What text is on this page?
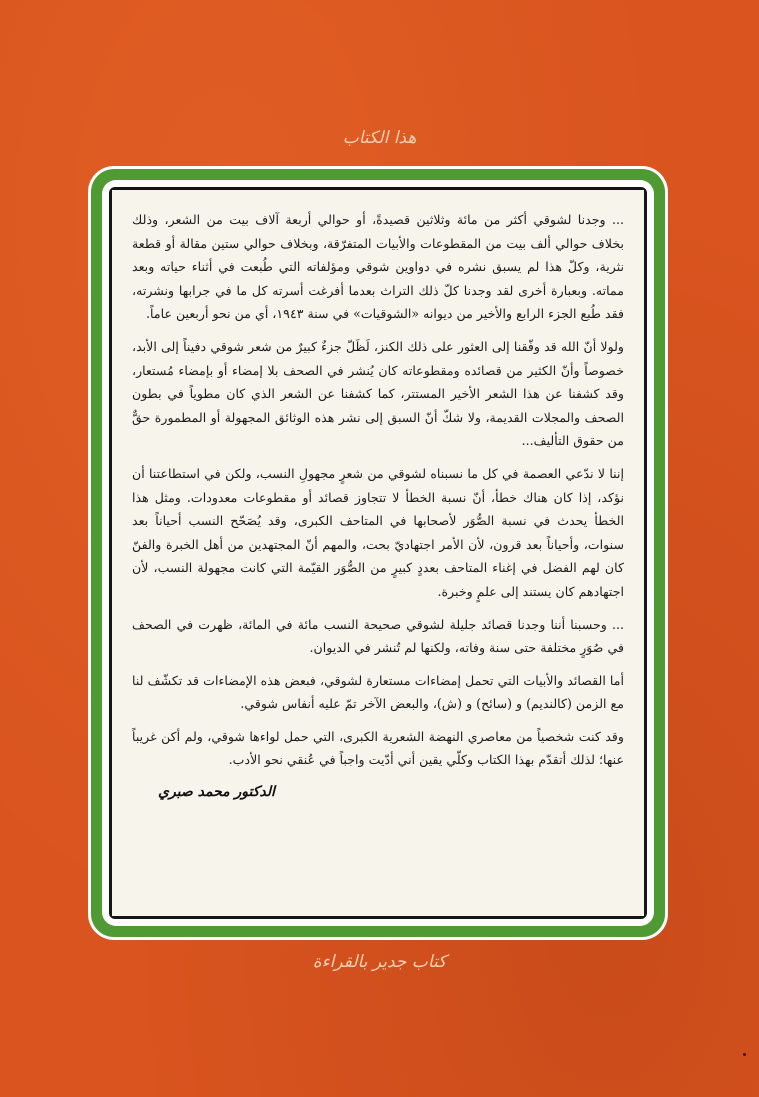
هذا الكتاب

... وجدنا لشوقي أكثر من مائة وثلاثين قصيدةً، أو حوالي أربعة آلاف بيت من الشعر، وذلك بخلاف حوالي ألف بيت من المقطوعات والأبيات المتفرّقة، وبخلاف حوالي ستين مقالة أو قطعة نثرية، وكلّ هذا لم يسبق نشره في دواوين شوقي ومؤلفاته التي طُبعت في أثناء حياته وبعد مماته. وبعبارة أخرى لقد وجدنا كلّ ذلك التراث بعدما أفرغت أسرته كل ما في جرابها ونشرته، فقد طُبع الجزء الرابع والأخير من ديوانه «الشوقيات» في سنة ١٩٤٣، أي من نحو أربعين عاماً.

ولولا أنّ الله قد وفّقنا إلى العثور على ذلك الكنز، لَظَلّ جزءٌ كبيرٌ من شعر شوقي دفيناً إلى الأبد، خصوصاً وأنّ الكثير من قصائده ومقطوعاته كان يُنشر في الصحف بلا إمضاء أو بإمضاء مُستعار، وقد كشفنا عن هذا الشعر الأخير المستتر، كما كشفنا عن الشعر الذي كان مطوياً في بطون الصحف والمجلات القديمة، ولا شكّ أنّ السبق إلى نشر هذه الوثائق المجهولة أو المطمورة حقٌّ من حقوق التأليف...

إننا لا ندّعي العصمة في كل ما نسبناه لشوقي من شعرٍ مجهولِ النسب، ولكن في استطاعتنا أن نؤكد، إذا كان هناك خطأ، أنّ نسبة الخطأ لا تتجاوز قصائد أو مقطوعات معدودات. ومثل هذا الخطأ يحدث في نسبة الصُّوَر لأصحابها في المتاحف الكبرى، وقد يُصَحّح النسب أحياناً بعد سنوات، وأحياناً بعد قرون، لأن الأمر اجتهاديّ بحت، والمهم أنّ المجتهدين من أهل الخبرة والفنّ كان لهم الفضل في إغناء المتاحف بعددٍ كبيرٍ من الصُّوَر القيّمة التي كانت مجهولة النسب، لأن اجتهادهم كان يستند إلى علمٍ وخبرة.

... وحسبنا أننا وجدنا قصائد جليلة لشوقي صحيحة النسب مائة في المائة، ظهرت في الصحف في صُوَرٍ مختلفة حتى سنة وفاته، ولكنها لم تُنشر في الديوان.

أما القصائد والأبيات التي تحمل إمضاءات مستعارة لشوقي، فبعض هذه الإمضاءات قد تكشّف لنا مع الزمن (كالنديم) و (سائح) و (ش)، والبعض الآخر تمّ عليه أنفاس شوقي.

وقد كنت شخصياً من معاصري النهضة الشعرية الكبرى، التي حمل لواءها شوقي، ولم أكن غريباً عنها؛ لذلك أتقدّم بهذا الكتاب وكلّي يقين أني أدّيت واجباً في عُنقي نحو الأدب.

الدكتور محمد صبري
كتاب جدير بالقراءة
